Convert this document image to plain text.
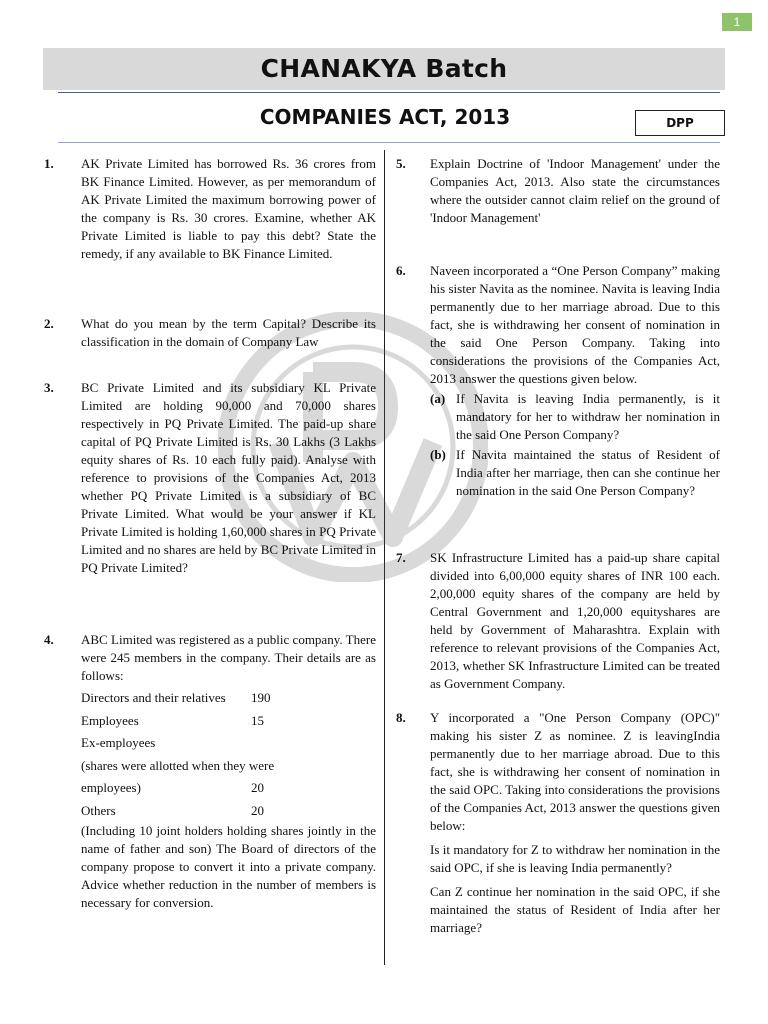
1
CHANAKYA Batch
COMPANIES ACT, 2013	DPP
1. AK Private Limited has borrowed Rs. 36 crores from BK Finance Limited. However, as per memorandum of AK Private Limited the maximum borrowing power of the company is Rs. 30 crores. Examine, whether AK Private Limited is liable to pay this debt? State the remedy, if any available to BK Finance Limited.

2. What do you mean by the term Capital? Describe its classification in the domain of Company Law

3. BC Private Limited and its subsidiary KL Private Limited are holding 90,000 and 70,000 shares respectively in PQ Private Limited. The paid-up share capital of PQ Private Limited is Rs. 30 Lakhs (3 Lakhs equity shares of Rs. 10 each fully paid). Analyse with reference to provisions of the Companies Act, 2013 whether PQ Private Limited is a subsidiary of BC Private Limited. What would be your answer if KL Private Limited is holding 1,60,000 shares in PQ Private Limited and no shares are held by BC Private Limited in PQ Private Limited?

4. ABC Limited was registered as a public company. There were 245 members in the company. Their details are as follows:

Directors and their relatives	190
Employees	15
Ex-employees
(shares were allotted when they were
employees)	20
Others	20

(Including 10 joint holders holding shares jointly in the name of father and son) The Board of directors of the company propose to convert it into a private company. Advice whether reduction in the number of members is necessary for conversion.

5. Explain Doctrine of 'Indoor Management' under the Companies Act, 2013. Also state the circumstances where the outsider cannot claim relief on the ground of 'Indoor Management'

6. Naveen incorporated a “One Person Company” making his sister Navita as the nominee. Navita is leaving India permanently due to her marriage abroad. Due to this fact, she is withdrawing her consent of nomination in the said One Person Company. Taking into considerations the provisions of the Companies Act, 2013 answer the questions given below.

(a) If Navita is leaving India permanently, is it mandatory for her to withdraw her nomination in the said One Person Company?
(b) If Navita maintained the status of Resident of India after her marriage, then can she continue her nomination in the said One Person Company?
7. SK Infrastructure Limited has a paid-up share capital divided into 6,00,000 equity shares of INR 100 each. 2,00,000 equity shares of the company are held by Central Government and 1,20,000 equityshares are held by Government of Maharashtra. Explain with reference to relevant provisions of the Companies Act, 2013, whether SK Infrastructure Limited can be treated as Government Company.

8. Y incorporated a "One Person Company (OPC)" making his sister Z as nominee. Z is leavingIndia permanently due to her marriage abroad. Due to this fact, she is withdrawing her consent of nomination in the said OPC. Taking into considerations the provisions of the Companies Act, 2013 answer the questions given below:

Is it mandatory for Z to withdraw her nomination in the said OPC, if she is leaving India permanently?

Can Z continue her nomination in the said OPC, if she maintained the status of Resident of India after her marriage?
